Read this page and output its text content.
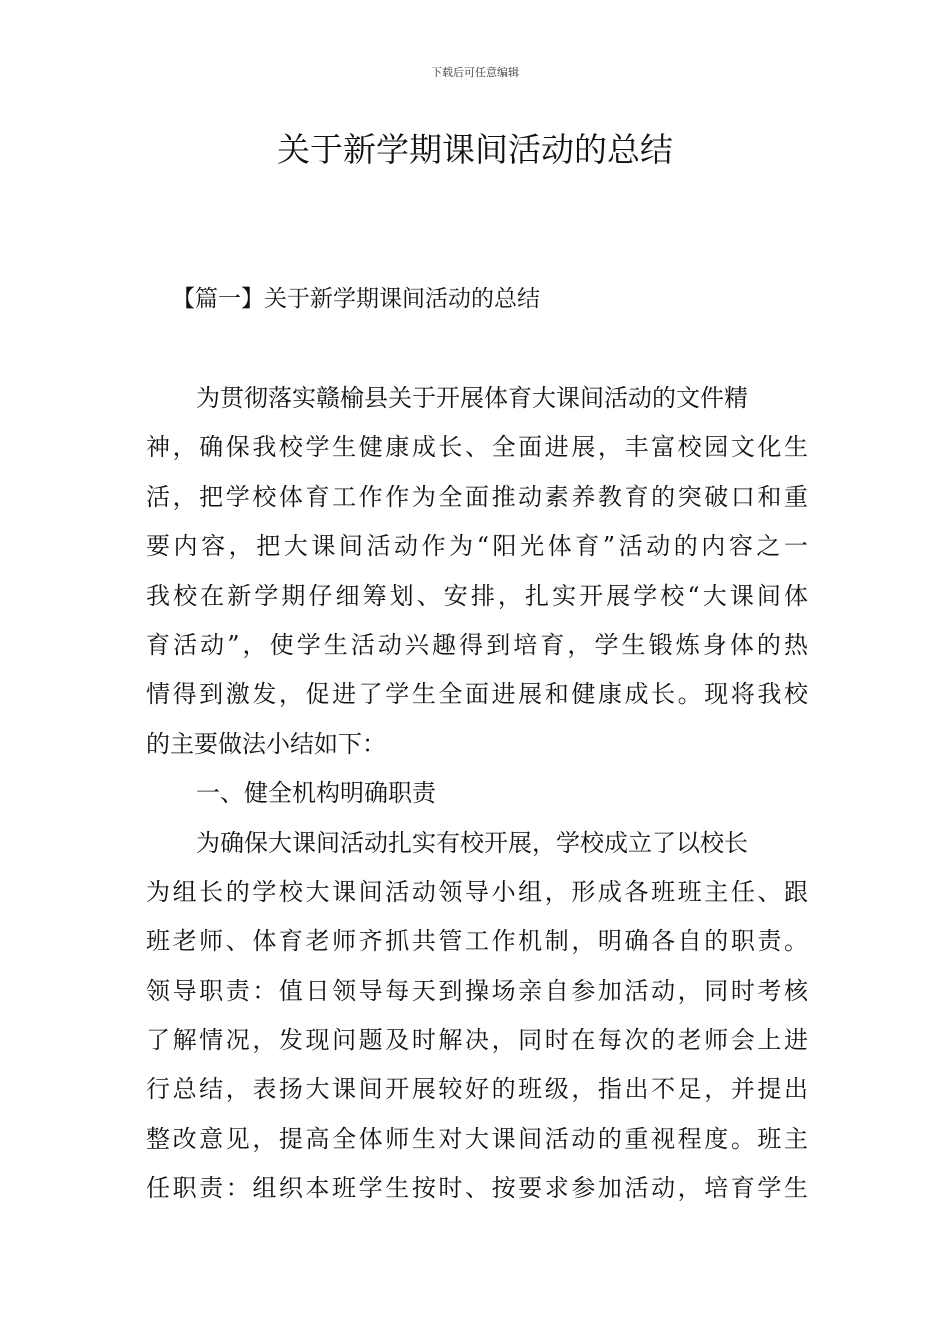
下载后可任意编辑
关于新学期课间活动的总结
【篇一】关于新学期课间活动的总结
为贯彻落实赣榆县关于开展体育大课间活动的文件精
神，确保我校学生健康成长、全面进展，丰富校园文化生
活，把学校体育工作作为全面推动素养教育的突破口和重
要内容，把大课间活动作为“阳光体育”活动的内容之一
我校在新学期仔细筹划、安排，扎实开展学校“大课间体
育活动”，使学生活动兴趣得到培育，学生锻炼身体的热
情得到激发，促进了学生全面进展和健康成长。现将我校
的主要做法小结如下：
一、健全机构明确职责
为确保大课间活动扎实有校开展，学校成立了以校长
为组长的学校大课间活动领导小组，形成各班班主任、跟
班老师、体育老师齐抓共管工作机制，明确各自的职责。
领导职责：值日领导每天到操场亲自参加活动，同时考核
了解情况，发现问题及时解决，同时在每次的老师会上进
行总结，表扬大课间开展较好的班级，指出不足，并提出
整改意见，提高全体师生对大课间活动的重视程度。班主
任职责：组织本班学生按时、按要求参加活动，培育学生
